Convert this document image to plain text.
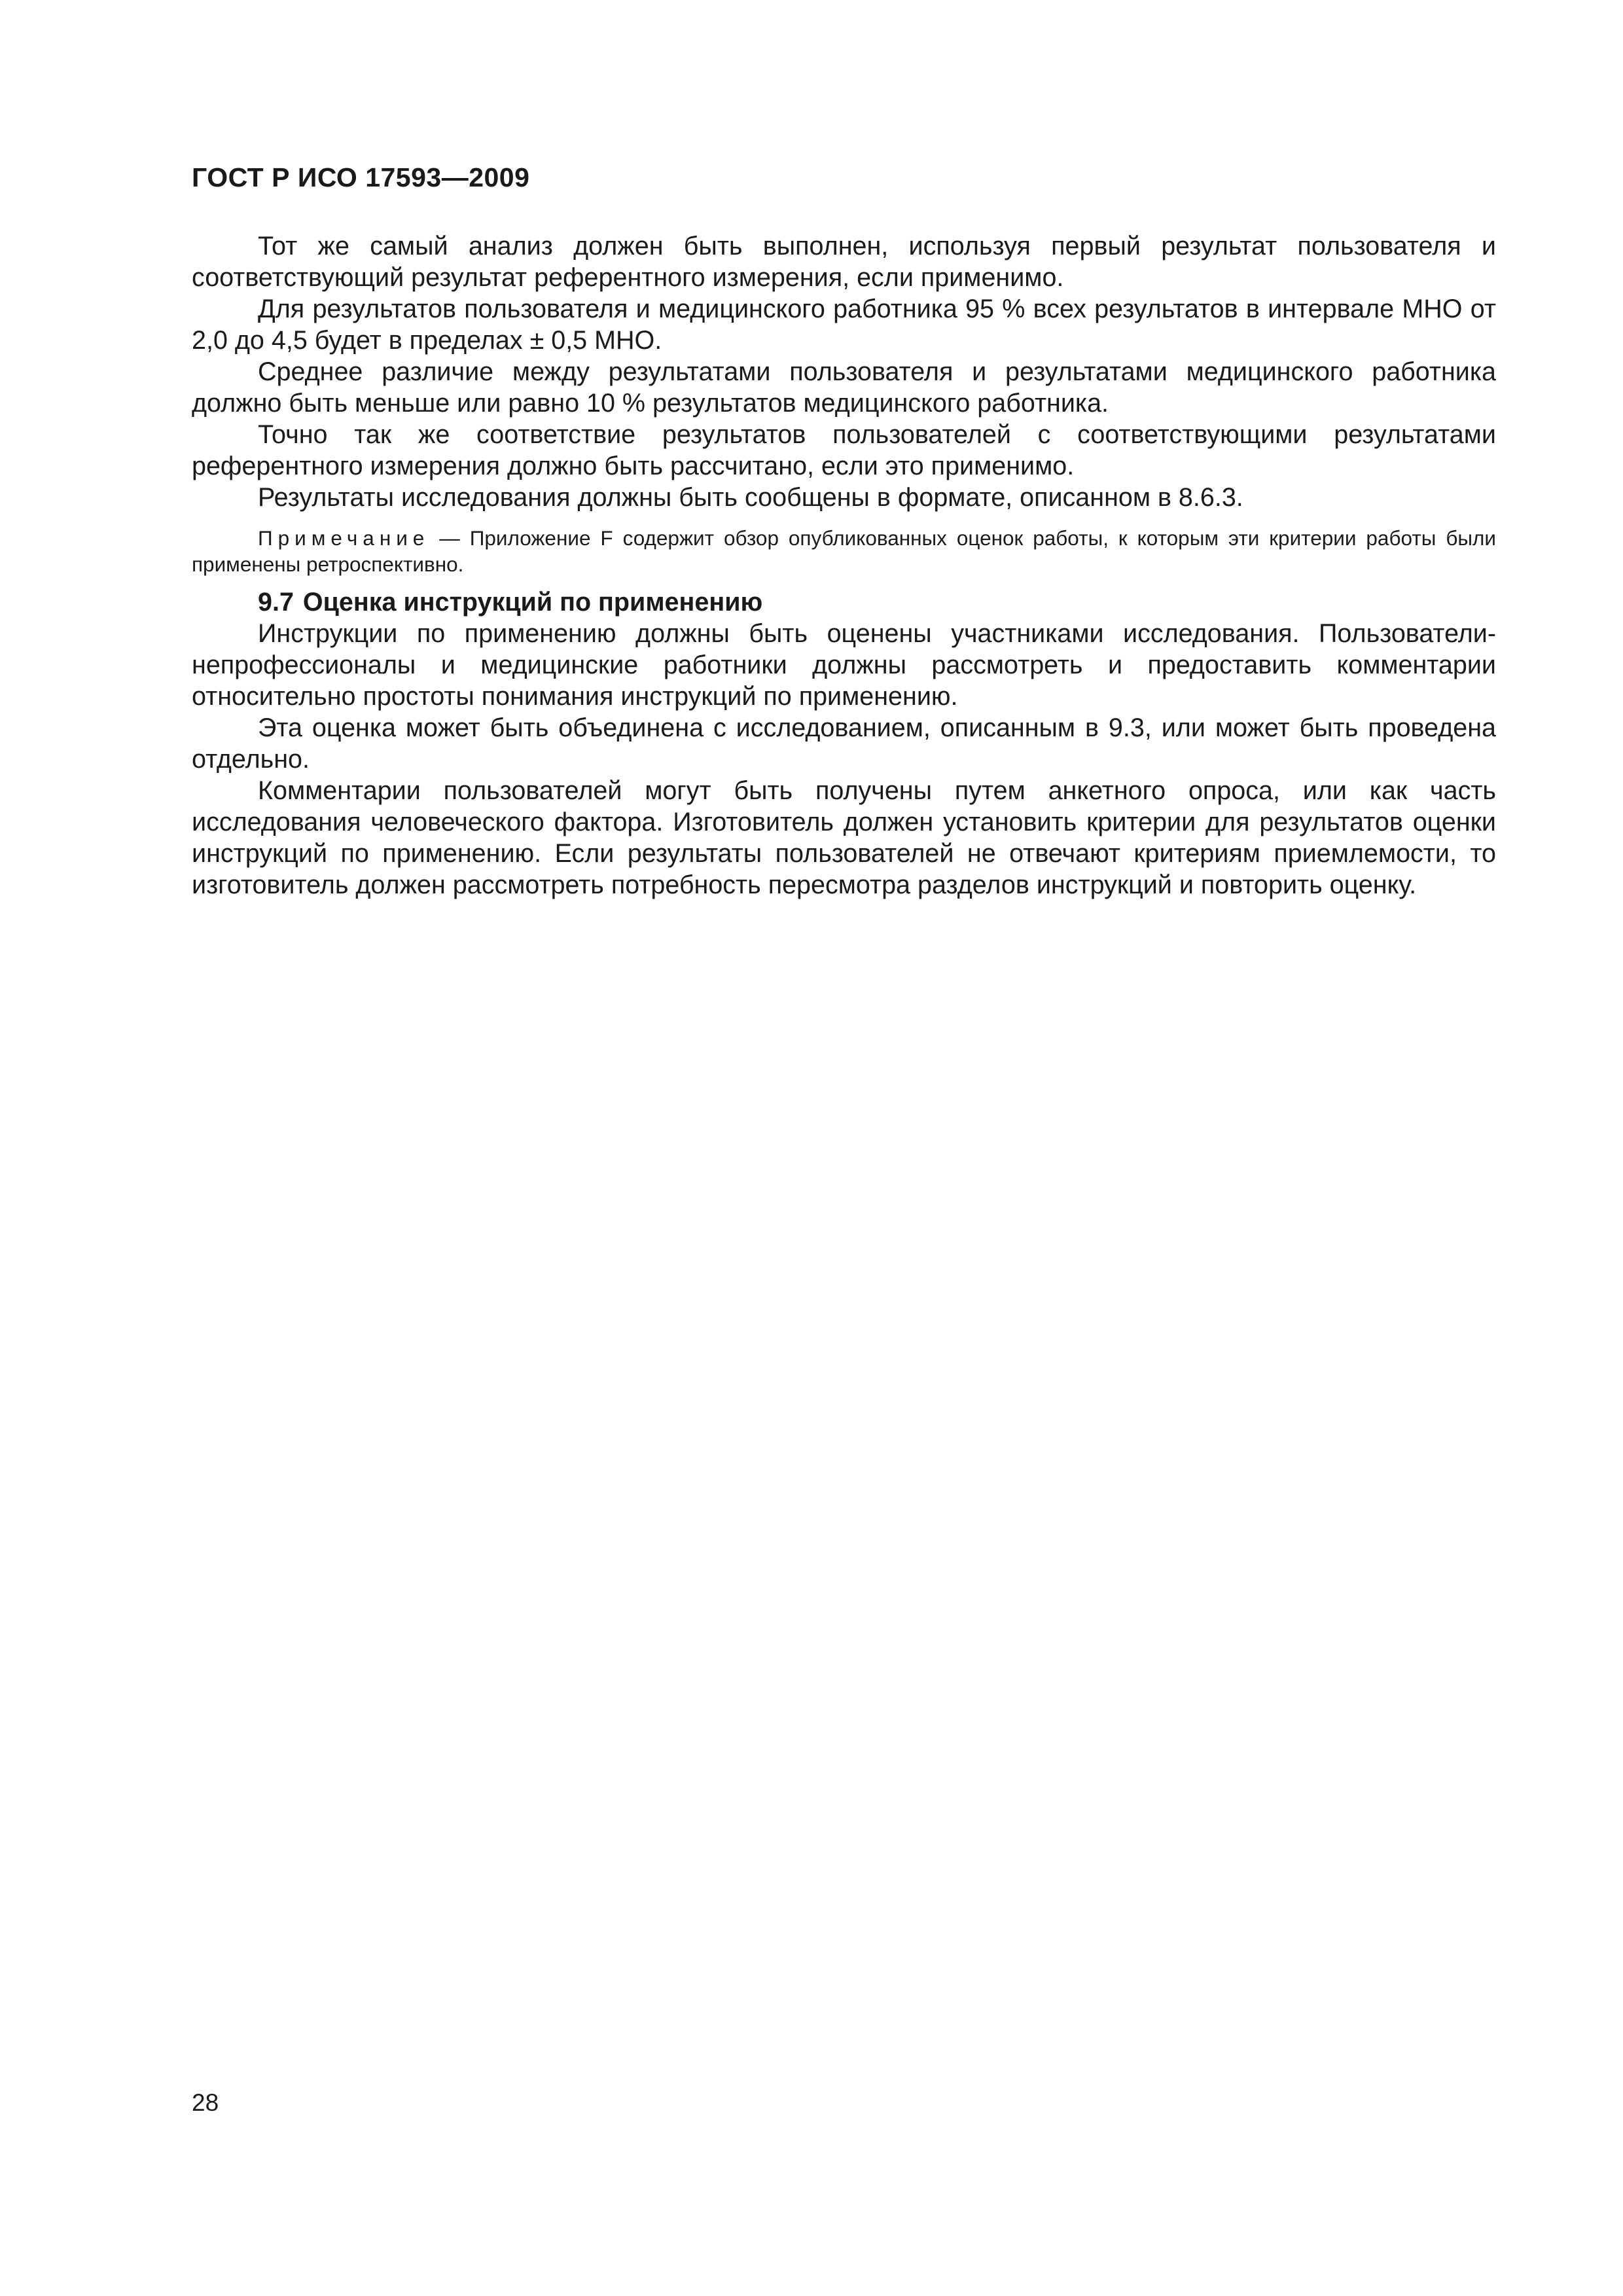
ГОСТ Р ИСО 17593—2009

Тот же самый анализ должен быть выполнен, используя первый результат пользователя и соответствующий результат референтного измерения, если применимо.

Для результатов пользователя и медицинского работника 95 % всех результатов в интервале МНО от 2,0 до 4,5 будет в пределах ± 0,5 МНО.

Среднее различие между результатами пользователя и результатами медицинского работника должно быть меньше или равно 10 % результатов медицинского работника.

Точно так же соответствие результатов пользователей с соответствующими результатами референтного измерения должно быть рассчитано, если это применимо.

Результаты исследования должны быть сообщены в формате, описанном в 8.6.3.

Примечание — Приложение F содержит обзор опубликованных оценок работы, к которым эти критерии работы были применены ретроспективно.

9.7 Оценка инструкций по применению

Инструкции по применению должны быть оценены участниками исследования. Пользователи-непрофессионалы и медицинские работники должны рассмотреть и предоставить комментарии относительно простоты понимания инструкций по применению.

Эта оценка может быть объединена с исследованием, описанным в 9.3, или может быть проведена отдельно.

Комментарии пользователей могут быть получены путем анкетного опроса, или как часть исследования человеческого фактора. Изготовитель должен установить критерии для результатов оценки инструкций по применению. Если результаты пользователей не отвечают критериям приемлемости, то изготовитель должен рассмотреть потребность пересмотра разделов инструкций и повторить оценку.

28
